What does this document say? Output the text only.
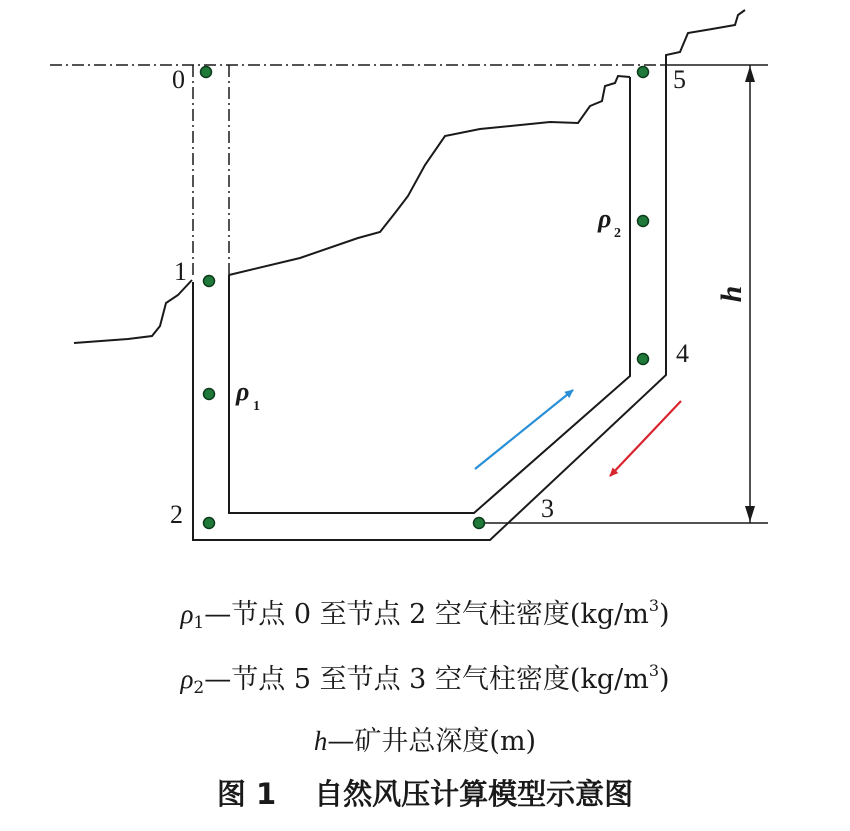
h
0
1
2	3
4
5
ρ
1
ρ
2
$\rho_1—$节点 0 至节点 2 空气柱密度$(kg/m^3)$
$\rho_2—$节点 5 至节点 3 空气柱密度$(kg/m^3)$
h—矿井总深度(m)
图 1 自然风压计算模型示意图
